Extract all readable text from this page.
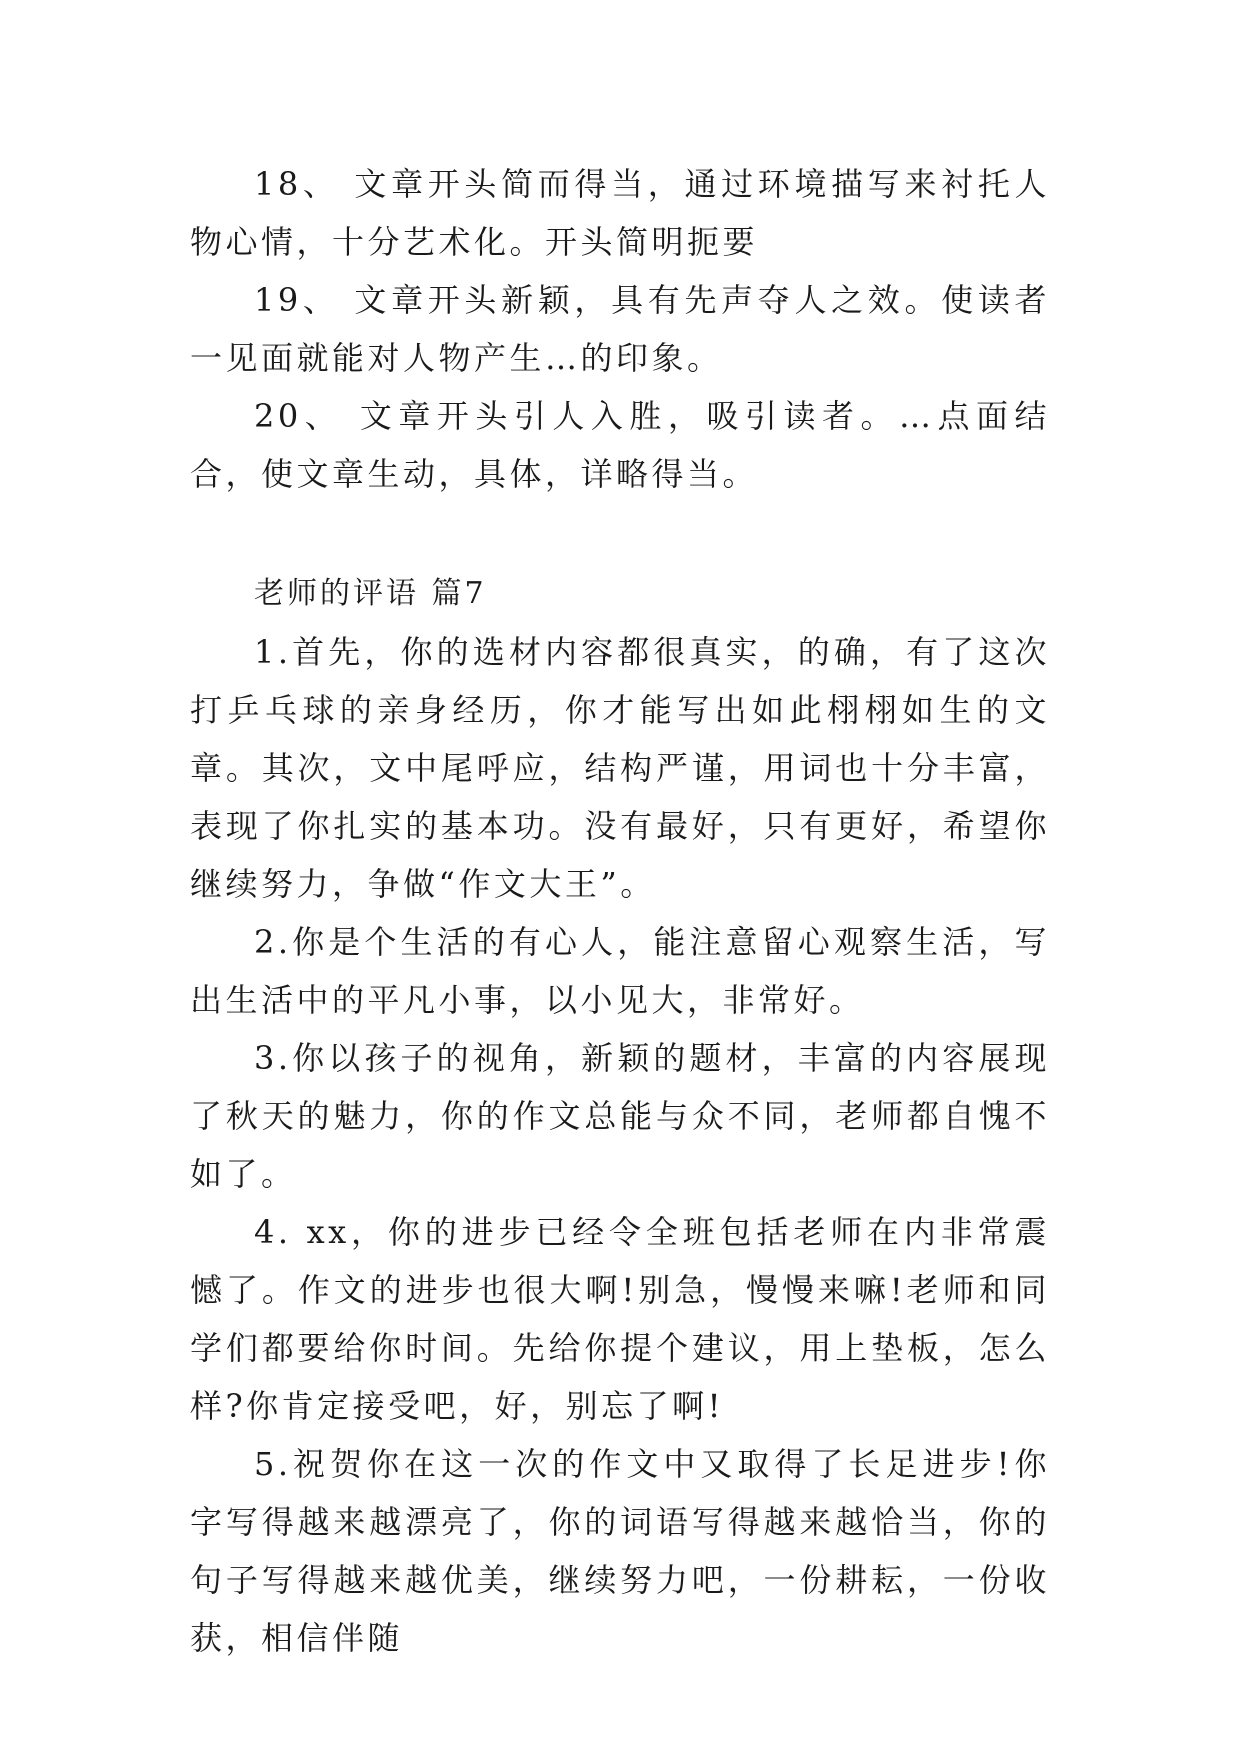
18、 文章开头简而得当，通过环境描写来衬托人物心情，十分艺术化。开头简明扼要

19、 文章开头新颖，具有先声夺人之效。使读者一见面就能对人物产生…的印象。

20、 文章开头引人入胜，吸引读者。…点面结合，使文章生动，具体，详略得当。

老师的评语 篇7

1.首先，你的选材内容都很真实，的确，有了这次打乒乓球的亲身经历，你才能写出如此栩栩如生的文章。其次，文中尾呼应，结构严谨，用词也十分丰富，表现了你扎实的基本功。没有最好，只有更好，希望你继续努力，争做“作文大王”。

2.你是个生活的有心人，能注意留心观察生活，写出生活中的平凡小事，以小见大，非常好。

3.你以孩子的视角，新颖的题材，丰富的内容展现了秋天的魅力，你的作文总能与众不同，老师都自愧不如了。

4. xx，你的进步已经令全班包括老师在内非常震憾了。作文的进步也很大啊!别急，慢慢来嘛!老师和同学们都要给你时间。先给你提个建议，用上垫板，怎么样?你肯定接受吧，好，别忘了啊!

5.祝贺你在这一次的作文中又取得了长足进步!你字写得越来越漂亮了，你的词语写得越来越恰当，你的句子写得越来越优美，继续努力吧，一份耕耘，一份收获，相信伴随
